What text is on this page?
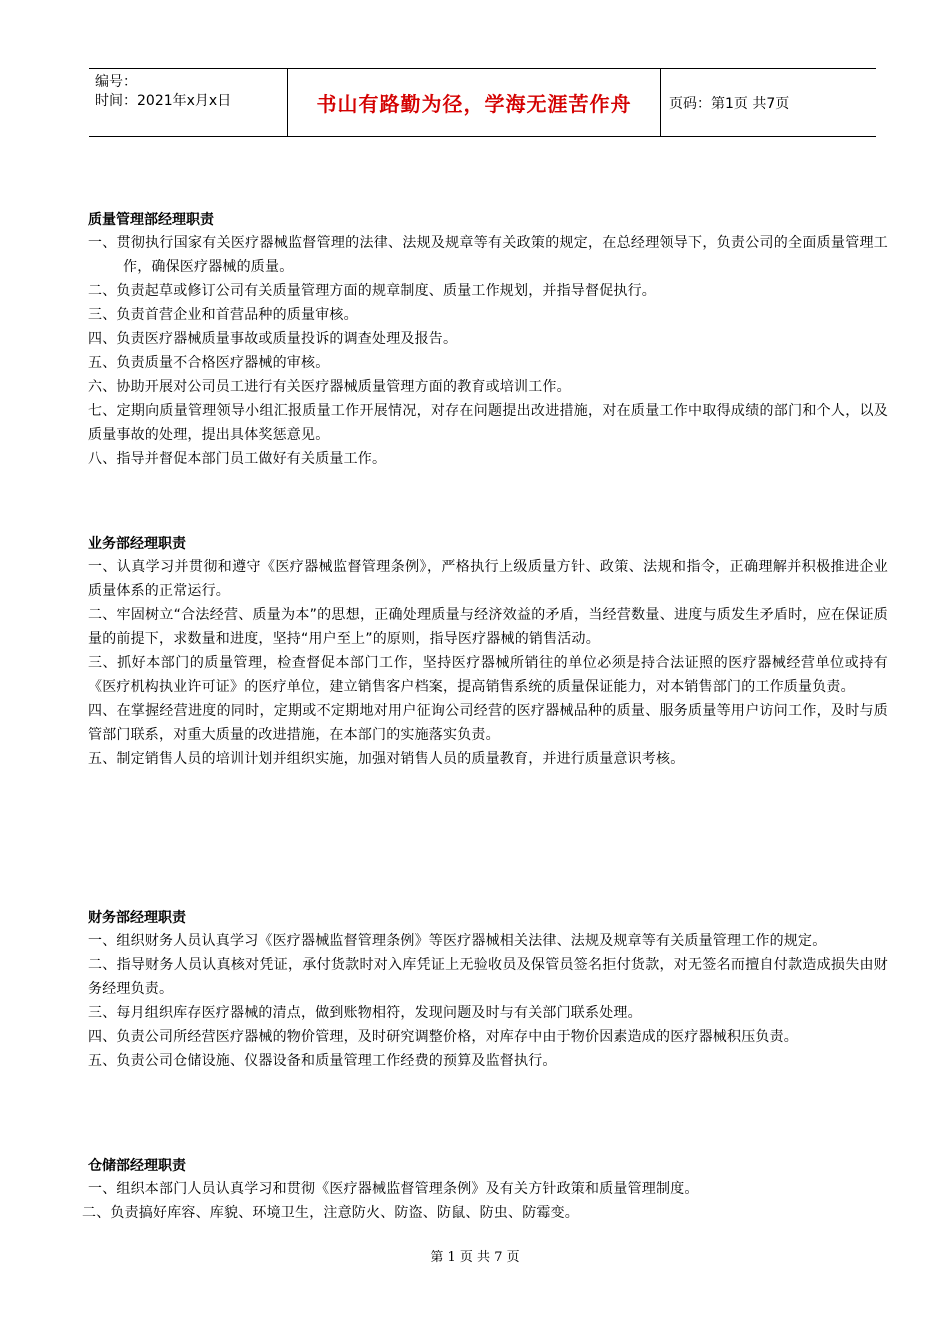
编号：
时间：2021年x月x日	书山有路勤为径，学海无涯苦作舟	页码：第1页 共7页

质量管理部经理职责

一、贯彻执行国家有关医疗器械监督管理的法律、法规及规章等有关政策的规定，在总经理领导下，负责公司的全面质量管理工作，确保医疗器械的质量。

二、负责起草或修订公司有关质量管理方面的规章制度、质量工作规划，并指导督促执行。

三、负责首营企业和首营品种的质量审核。

四、负责医疗器械质量事故或质量投诉的调查处理及报告。

五、负责质量不合格医疗器械的审核。

六、协助开展对公司员工进行有关医疗器械质量管理方面的教育或培训工作。

七、定期向质量管理领导小组汇报质量工作开展情况，对存在问题提出改进措施，对在质量工作中取得成绩的部门和个人，以及质量事故的处理，提出具体奖惩意见。

八、指导并督促本部门员工做好有关质量工作。

业务部经理职责

一、认真学习并贯彻和遵守《医疗器械监督管理条例》，严格执行上级质量方针、政策、法规和指令，正确理解并积极推进企业质量体系的正常运行。

二、牢固树立“合法经营、质量为本”的思想，正确处理质量与经济效益的矛盾，当经营数量、进度与质发生矛盾时，应在保证质量的前提下，求数量和进度，坚持“用户至上”的原则，指导医疗器械的销售活动。

三、抓好本部门的质量管理，检查督促本部门工作，坚持医疗器械所销往的单位必须是持合法证照的医疗器械经营单位或持有《医疗机构执业许可证》的医疗单位，建立销售客户档案，提高销售系统的质量保证能力，对本销售部门的工作质量负责。

四、在掌握经营进度的同时，定期或不定期地对用户征询公司经营的医疗器械品种的质量、服务质量等用户访问工作，及时与质管部门联系，对重大质量的改进措施，在本部门的实施落实负责。

五、制定销售人员的培训计划并组织实施，加强对销售人员的质量教育，并进行质量意识考核。

财务部经理职责

一、组织财务人员认真学习《医疗器械监督管理条例》等医疗器械相关法律、法规及规章等有关质量管理工作的规定。

二、指导财务人员认真核对凭证，承付货款时对入库凭证上无验收员及保管员签名拒付货款，对无签名而擅自付款造成损失由财务经理负责。

三、每月组织库存医疗器械的清点，做到账物相符，发现问题及时与有关部门联系处理。

四、负责公司所经营医疗器械的物价管理，及时研究调整价格，对库存中由于物价因素造成的医疗器械积压负责。

五、负责公司仓储设施、仪器设备和质量管理工作经费的预算及监督执行。

仓储部经理职责

一、组织本部门人员认真学习和贯彻《医疗器械监督管理条例》及有关方针政策和质量管理制度。

二、负责搞好库容、库貌、环境卫生，注意防火、防盗、防鼠、防虫、防霉变。

第 1 页 共 7 页
